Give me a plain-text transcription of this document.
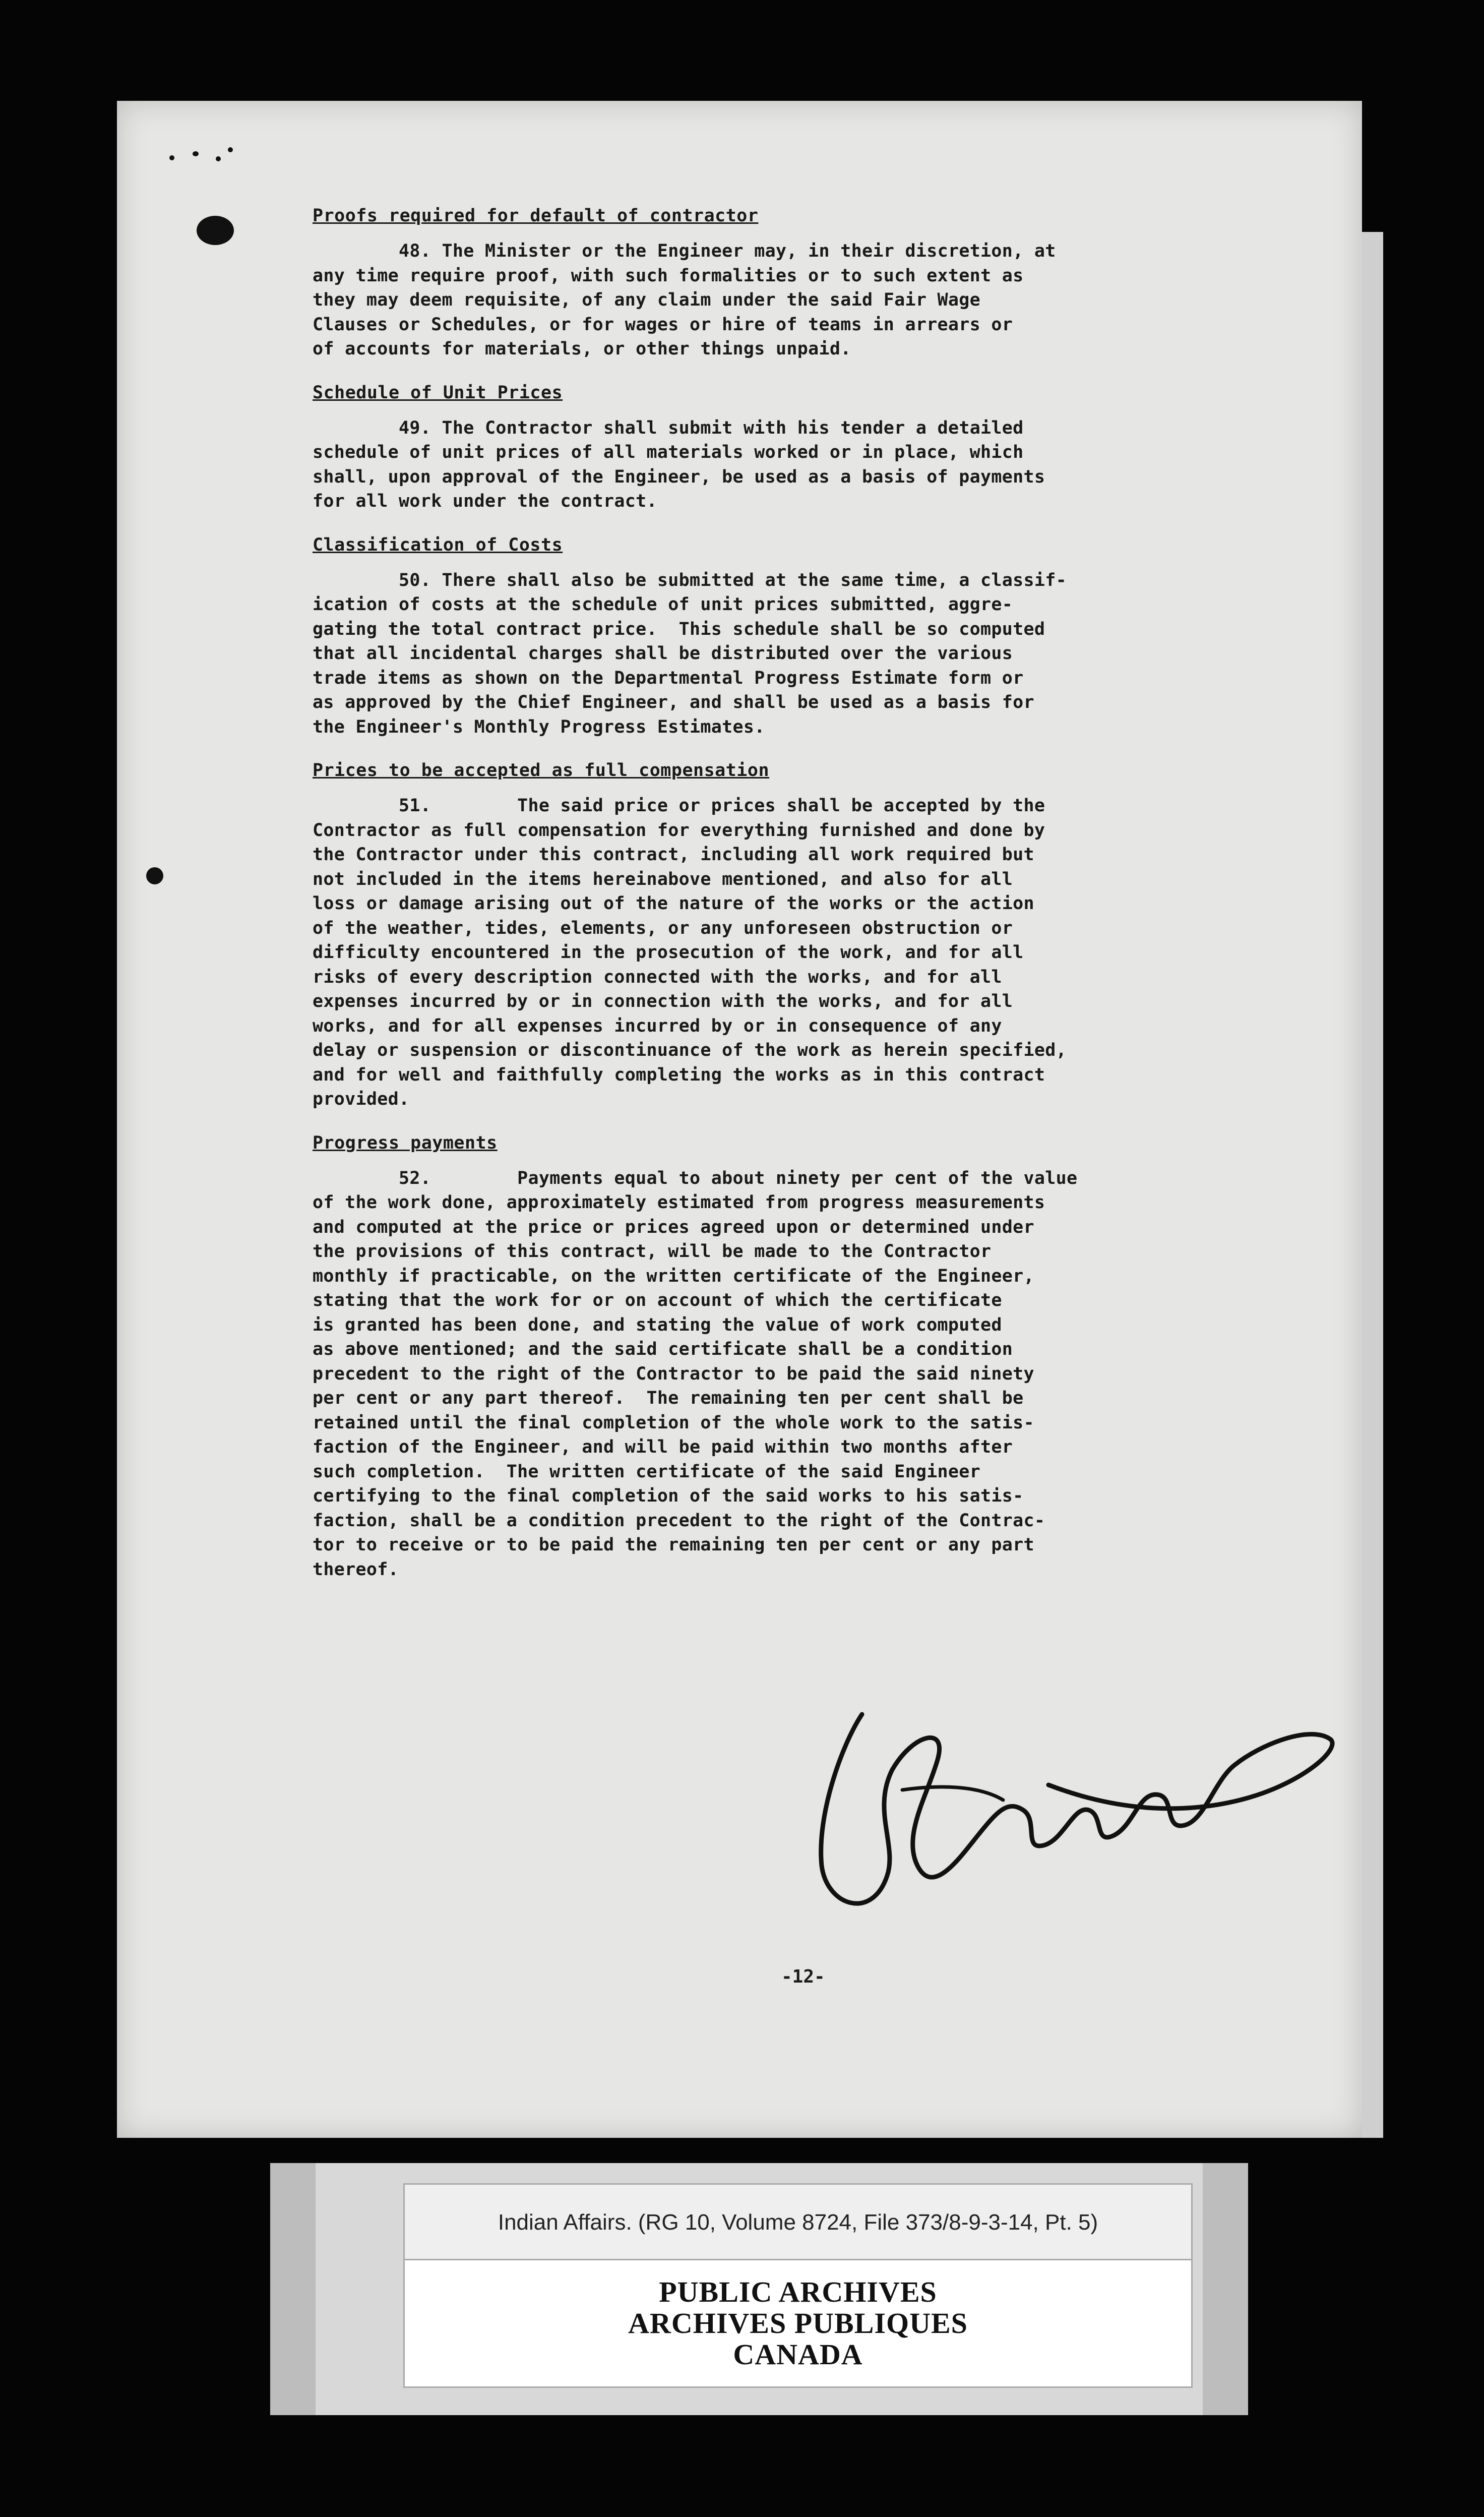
Proofs required for default of contractor
48. The Minister or the Engineer may, in their discretion, at
any time require proof, with such formalities or to such extent as
they may deem requisite, of any claim under the said Fair Wage
Clauses or Schedules, or for wages or hire of teams in arrears or
of accounts for materials, or other things unpaid.
Schedule of Unit Prices
49. The Contractor shall submit with his tender a detailed
schedule of unit prices of all materials worked or in place, which
shall, upon approval of the Engineer, be used as a basis of payments
for all work under the contract.
Classification of Costs
50. There shall also be submitted at the same time, a classif-
ication of costs at the schedule of unit prices submitted, aggre-
gating the total contract price.  This schedule shall be so computed
that all incidental charges shall be distributed over the various
trade items as shown on the Departmental Progress Estimate form or
as approved by the Chief Engineer, and shall be used as a basis for
the Engineer's Monthly Progress Estimates.
Prices to be accepted as full compensation
51.        The said price or prices shall be accepted by the
Contractor as full compensation for everything furnished and done by
the Contractor under this contract, including all work required but
not included in the items hereinabove mentioned, and also for all
loss or damage arising out of the nature of the works or the action
of the weather, tides, elements, or any unforeseen obstruction or
difficulty encountered in the prosecution of the work, and for all
risks of every description connected with the works, and for all
expenses incurred by or in connection with the works, and for all
works, and for all expenses incurred by or in consequence of any
delay or suspension or discontinuance of the work as herein specified,
and for well and faithfully completing the works as in this contract
provided.
Progress payments
52.        Payments equal to about ninety per cent of the value
of the work done, approximately estimated from progress measurements
and computed at the price or prices agreed upon or determined under
the provisions of this contract, will be made to the Contractor
monthly if practicable, on the written certificate of the Engineer,
stating that the work for or on account of which the certificate
is granted has been done, and stating the value of work computed
as above mentioned; and the said certificate shall be a condition
precedent to the right of the Contractor to be paid the said ninety
per cent or any part thereof.  The remaining ten per cent shall be
retained until the final completion of the whole work to the satis-
faction of the Engineer, and will be paid within two months after
such completion.  The written certificate of the said Engineer
certifying to the final completion of the said works to his satis-
faction, shall be a condition precedent to the right of the Contrac-
tor to receive or to be paid the remaining ten per cent or any part
thereof.
-12-
Indian Affairs. (RG 10, Volume 8724, File 373/8-9-3-14, Pt. 5)
PUBLIC ARCHIVES
ARCHIVES PUBLIQUES
CANADA
